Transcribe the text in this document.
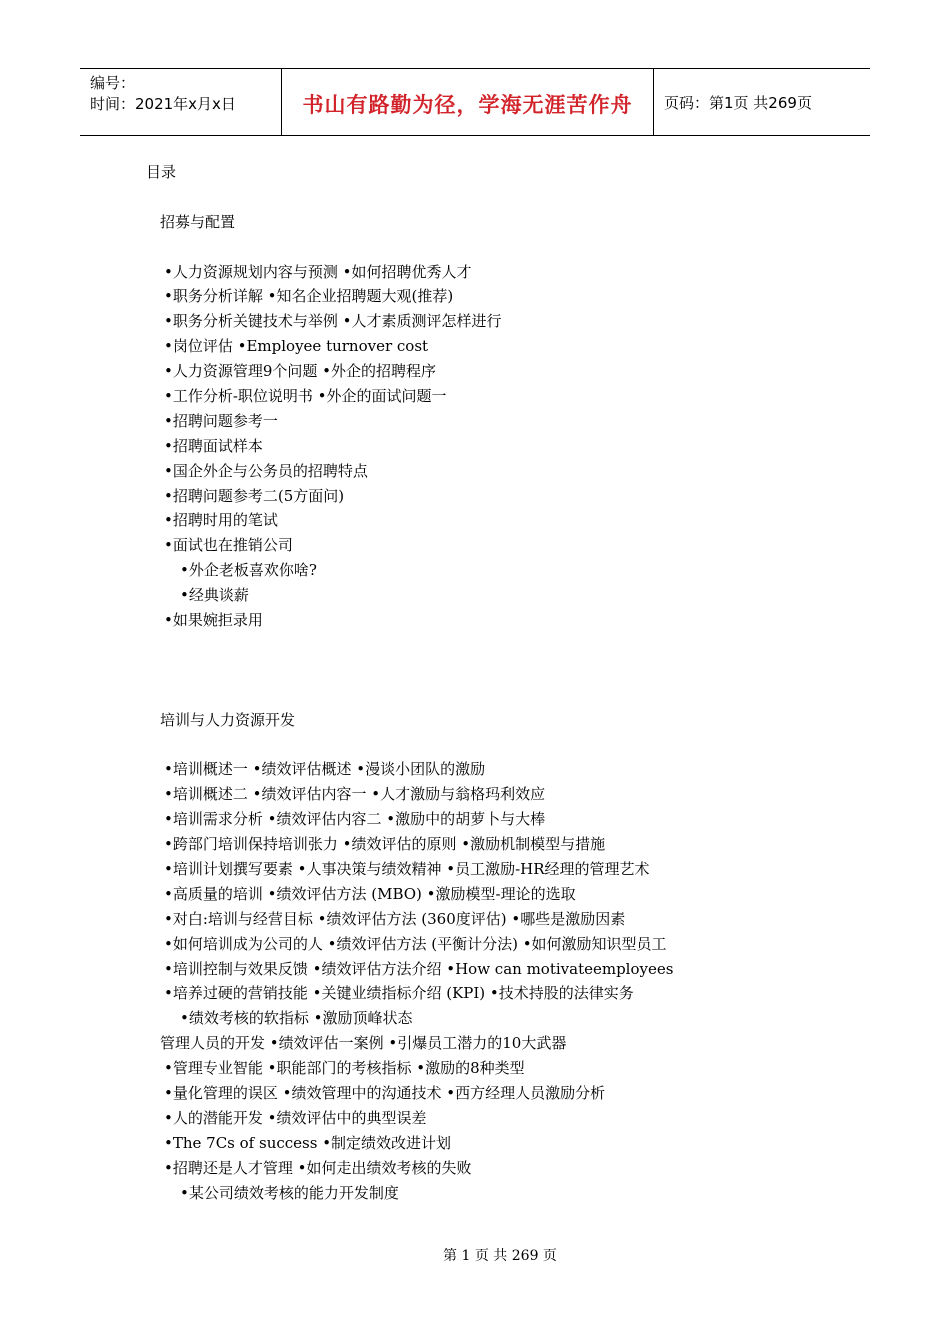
编号：
时间：2021年x月x日	书山有路勤为径，学海无涯苦作舟 页码：第1页 共269页
目录
招募与配置
•人力资源规划内容与预测 •如何招聘优秀人才
•职务分析详解 •知名企业招聘题大观(推荐)
•职务分析关键技术与举例 •人才素质测评怎样进行
•岗位评估 •Employee turnover cost
•人力资源管理9个问题 •外企的招聘程序
•工作分析-职位说明书 •外企的面试问题一
•招聘问题参考一
•招聘面试样本
•国企外企与公务员的招聘特点
•招聘问题参考二(5方面问)
•招聘时用的笔试
•面试也在推销公司
•外企老板喜欢你啥?
•经典谈薪
•如果婉拒录用
培训与人力资源开发
•培训概述一 •绩效评估概述 •漫谈小团队的激励
•培训概述二 •绩效评估内容一 •人才激励与翁格玛利效应
•培训需求分析 •绩效评估内容二 •激励中的胡萝卜与大棒
•跨部门培训保持培训张力 •绩效评估的原则 •激励机制模型与措施
•培训计划撰写要素 •人事决策与绩效精神 •员工激励-HR经理的管理艺术
•高质量的培训 •绩效评估方法 (MBO) •激励模型-理论的选取
•对白:培训与经营目标 •绩效评估方法 (360度评估) •哪些是激励因素
•如何培训成为公司的人 •绩效评估方法 (平衡计分法) •如何激励知识型员工
•培训控制与效果反馈 •绩效评估方法介绍 •How can motivateemployees
•培养过硬的营销技能 •关键业绩指标介绍 (KPI) •技术持股的法律实务
•绩效考核的软指标 •激励顶峰状态
管理人员的开发 •绩效评估一案例 •引爆员工潜力的10大武器
•管理专业智能 •职能部门的考核指标 •激励的8种类型
•量化管理的误区 •绩效管理中的沟通技术 •西方经理人员激励分析
•人的潜能开发 •绩效评估中的典型误差
•The 7Cs of success •制定绩效改进计划
•招聘还是人才管理 •如何走出绩效考核的失败
•某公司绩效考核的能力开发制度
第 1 页 共 269 页
